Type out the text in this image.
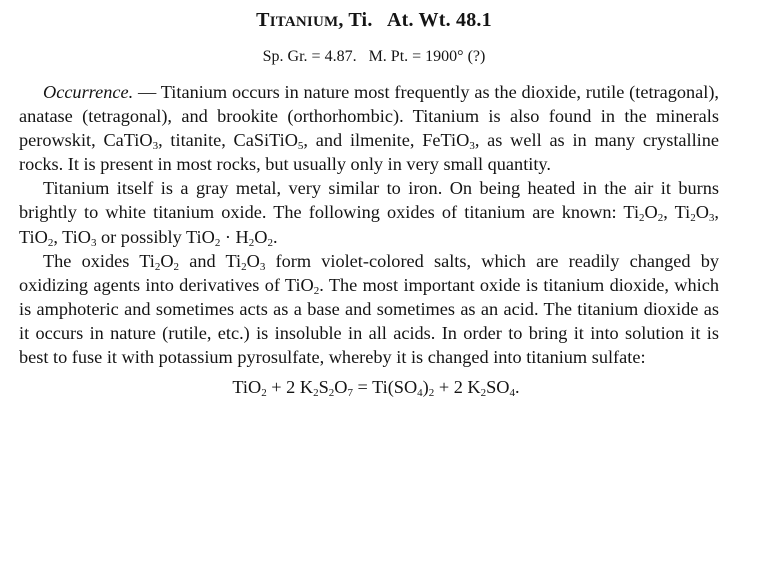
TITANIUM, Ti.   At. Wt. 48.1
Sp. Gr. = 4.87.   M. Pt. = 1900° (?)

Occurrence. — Titanium occurs in nature most frequently as the dioxide, rutile (tetragonal), anatase (tetragonal), and brookite (orthorhombic). Titanium is also found in the minerals perowskit, CaTiO$_3$, titanite, CaSiTiO$_5$, and ilmenite, FeTiO$_3$, as well as in many crystalline rocks. It is present in most rocks, but usually only in very small quantity.

Titanium itself is a gray metal, very similar to iron. On being heated in the air it burns brightly to white titanium oxide. The following oxides of titanium are known: $Ti_2O_2$, $Ti_2O_3$, TiO$_2$, TiO$_3$ or possibly $TiO_2 \cdot H_2O_2$.

The oxides $Ti_2O_2$ and $Ti_2O_3$ form violet-colored salts, which are readily changed by oxidizing agents into derivatives of TiO$_2$. The most important oxide is titanium dioxide, which is amphoteric and sometimes acts as a base and sometimes as an acid. The titanium dioxide as it occurs in nature (rutile, etc.) is insoluble in all acids. In order to bring it into solution it is best to fuse it with potassium pyrosulfate, whereby it is changed into titanium sulfate:

TiO$_2$ + 2 $K_2S_2O_7 = Ti(SO_4)_2 + 2$ $K_2SO_4$.
